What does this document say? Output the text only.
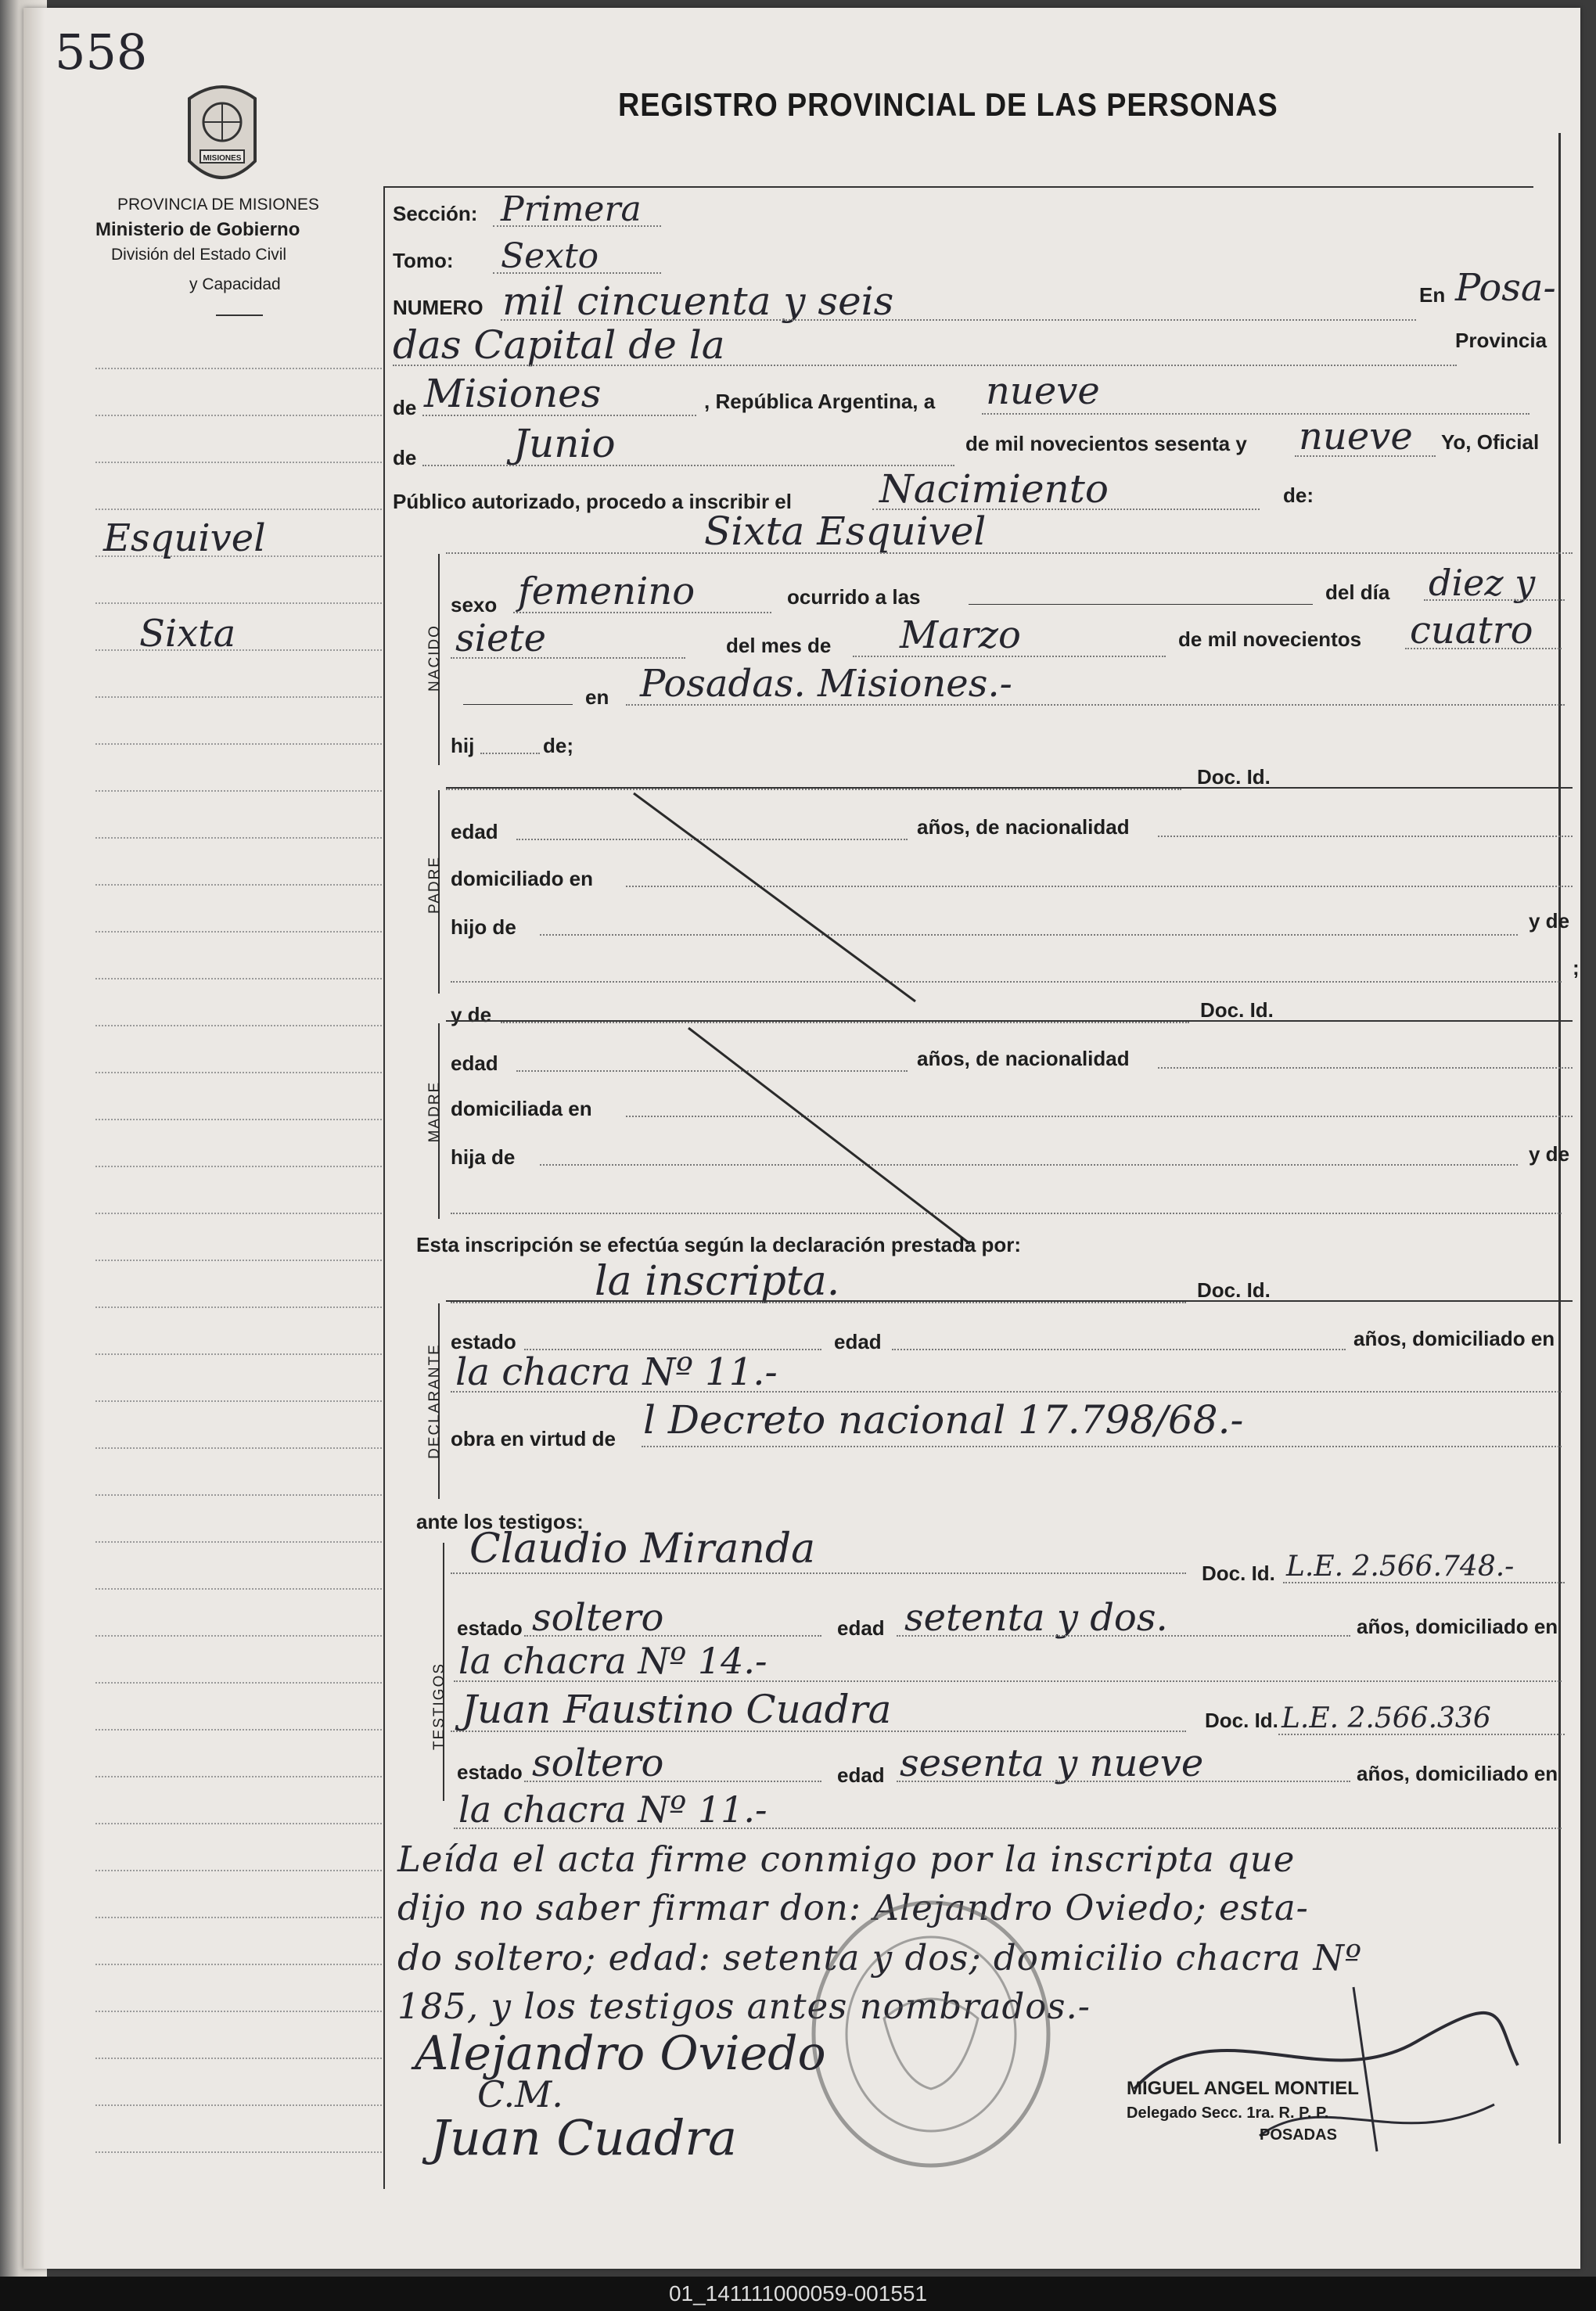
558
MISIONES
REGISTRO PROVINCIAL DE LAS PERSONAS
PROVINCIA DE MISIONES
Ministerio de Gobierno
División del Estado Civil
y Capacidad
Esquivel
Sixta
Sección: Primera
Tomo: Sexto
NUMERO mil cincuenta y seis	En Posa-
das Capital de la	Provincia
de Misiones	, República Argentina, a nueve
de Junio	de mil novecientos sesenta y nueve Yo, Oficial
Público autorizado, procedo a inscribir el Nacimiento	de:
Sixta Esquivel
NACIDO
sexo femenino	ocurrido a las	del día diez y
siete	del mes de Marzo	de mil novecientos cuatro
en Posadas. Misiones.-
hij	de;
Doc. Id.
PADRE
edad	años, de nacionalidad
domiciliado en
hijo de	y de
;
y de	Doc. Id.
MADRE
edad	años, de nacionalidad
domiciliada en
hija de	y de
Esta inscripción se efectúa según la declaración prestada por:
la inscripta.	Doc. Id.
DECLARANTE
estado	edad	años, domiciliado en
la chacra Nº 11.-
obra en virtud de l Decreto nacional 17.798/68.-
ante los testigos:
TESTIGOS
Claudio Miranda
Doc. Id. L.E. 2.566.748.-
estado soltero	edad setenta y dos.	años, domiciliado en
la chacra Nº 14.-
Juan Faustino Cuadra	Doc. Id. L.E. 2.566.336
estado soltero	edad sesenta y nueve	años, domiciliado en
la chacra Nº 11.-
Leída el acta firme conmigo por la inscripta que
dijo no saber firmar don: Alejandro Oviedo; esta-
do soltero; edad: setenta y dos; domicilio chacra Nº
185, y los testigos antes nombrados.-
Alejandro Oviedo
C.M.
Juan Cuadra
MIGUEL ANGEL MONTIEL
Delegado Secc. 1ra. R. P. P.
POSADAS
01_141111000059-001551
